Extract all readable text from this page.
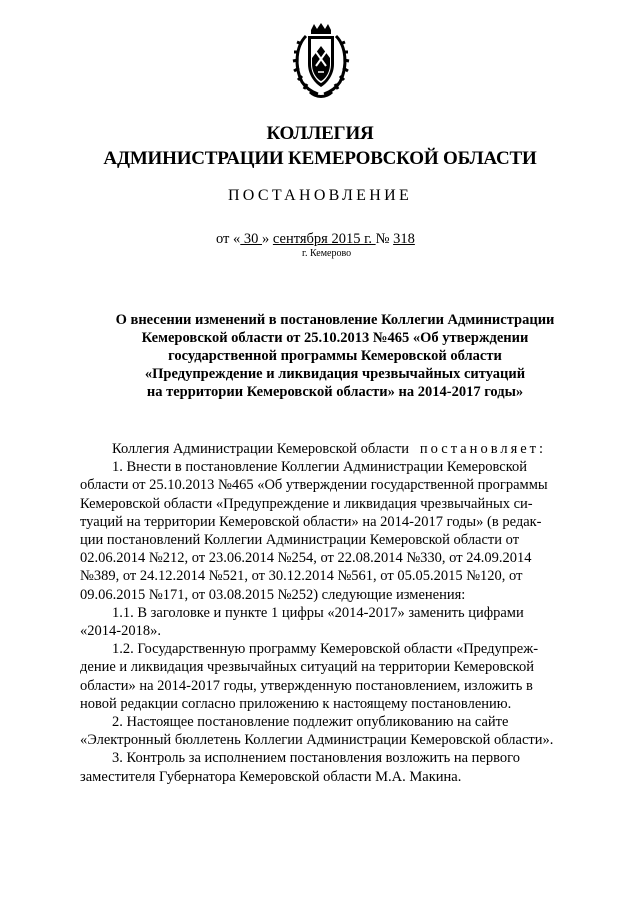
КОЛЛЕГИЯ
АДМИНИСТРАЦИИ КЕМЕРОВСКОЙ ОБЛАСТИ
ПОСТАНОВЛЕНИЕ
от « 30 » сентября 2015 г. № 318
г. Кемерово
О внесении изменений в постановление Коллегии Администрации
Кемеровской области от 25.10.2013 №465 «Об утверждении
государственной программы Кемеровской области
«Предупреждение и ликвидация чрезвычайных ситуаций
на территории Кемеровской области» на 2014-2017 годы»
Коллегия Администрации Кемеровской области постановляет:
1. Внести в постановление Коллегии Администрации Кемеровской
области от 25.10.2013 №465 «Об утверждении государственной программы
Кемеровской области «Предупреждение и ликвидация чрезвычайных си-
туаций на территории Кемеровской области» на 2014-2017 годы» (в редак-
ции постановлений Коллегии Администрации Кемеровской области от
02.06.2014 №212, от 23.06.2014 №254, от 22.08.2014 №330, от 24.09.2014
№389, от 24.12.2014 №521, от 30.12.2014 №561, от 05.05.2015 №120, от
09.06.2015 №171, от 03.08.2015 №252) следующие изменения:
1.1. В заголовке и пункте 1 цифры «2014-2017» заменить цифрами
«2014-2018».
1.2. Государственную программу Кемеровской области «Предупреж-
дение и ликвидация чрезвычайных ситуаций на территории Кемеровской
области» на 2014-2017 годы, утвержденную постановлением, изложить в
новой редакции согласно приложению к настоящему постановлению.
2. Настоящее постановление подлежит опубликованию на сайте
«Электронный бюллетень Коллегии Администрации Кемеровской области».
3. Контроль за исполнением постановления возложить на первого
заместителя Губернатора Кемеровской области М.А. Макина.
